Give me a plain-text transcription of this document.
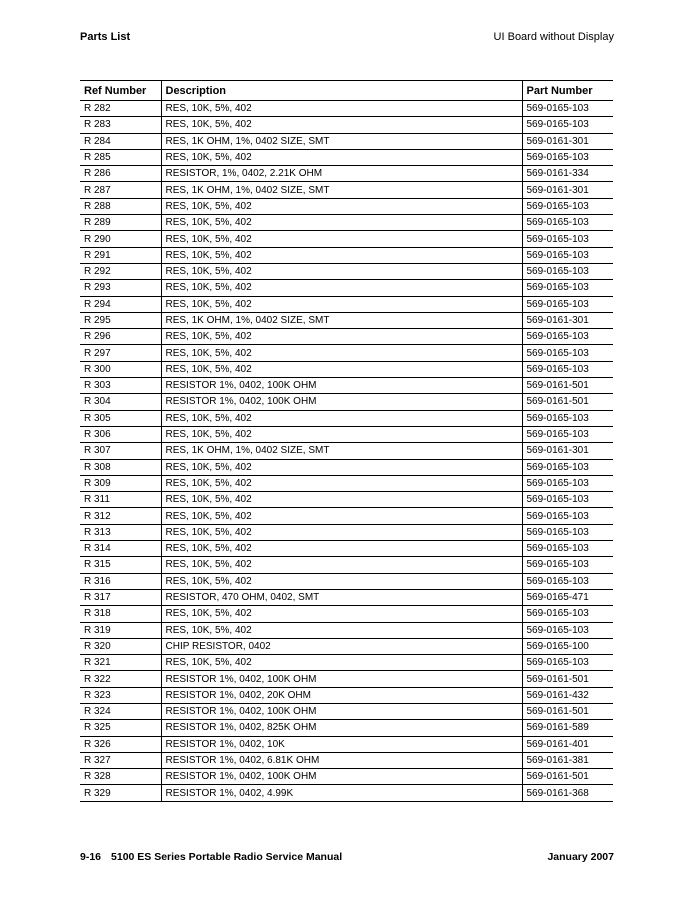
Parts List	UI Board without Display
Ref Number	Description	Part Number
R 282	RES, 10K, 5%, 402	569-0165-103
R 283	RES, 10K, 5%, 402	569-0165-103
R 284	RES, 1K OHM, 1%, 0402 SIZE, SMT	569-0161-301
R 285	RES, 10K, 5%, 402	569-0165-103
R 286	RESISTOR, 1%, 0402, 2.21K OHM	569-0161-334
R 287	RES, 1K OHM, 1%, 0402 SIZE, SMT	569-0161-301
R 288	RES, 10K, 5%, 402	569-0165-103
R 289	RES, 10K, 5%, 402	569-0165-103
R 290	RES, 10K, 5%, 402	569-0165-103
R 291	RES, 10K, 5%, 402	569-0165-103
R 292	RES, 10K, 5%, 402	569-0165-103
R 293	RES, 10K, 5%, 402	569-0165-103
R 294	RES, 10K, 5%, 402	569-0165-103
R 295	RES, 1K OHM, 1%, 0402 SIZE, SMT	569-0161-301
R 296	RES, 10K, 5%, 402	569-0165-103
R 297	RES, 10K, 5%, 402	569-0165-103
R 300	RES, 10K, 5%, 402	569-0165-103
R 303	RESISTOR 1%, 0402, 100K OHM	569-0161-501
R 304	RESISTOR 1%, 0402, 100K OHM	569-0161-501
R 305	RES, 10K, 5%, 402	569-0165-103
R 306	RES, 10K, 5%, 402	569-0165-103
R 307	RES, 1K OHM, 1%, 0402 SIZE, SMT	569-0161-301
R 308	RES, 10K, 5%, 402	569-0165-103
R 309	RES, 10K, 5%, 402	569-0165-103
R 311	RES, 10K, 5%, 402	569-0165-103
R 312	RES, 10K, 5%, 402	569-0165-103
R 313	RES, 10K, 5%, 402	569-0165-103
R 314	RES, 10K, 5%, 402	569-0165-103
R 315	RES, 10K, 5%, 402	569-0165-103
R 316	RES, 10K, 5%, 402	569-0165-103
R 317	RESISTOR, 470 OHM, 0402, SMT	569-0165-471
R 318	RES, 10K, 5%, 402	569-0165-103
R 319	RES, 10K, 5%, 402	569-0165-103
R 320	CHIP RESISTOR, 0402	569-0165-100
R 321	RES, 10K, 5%, 402	569-0165-103
R 322	RESISTOR 1%, 0402, 100K OHM	569-0161-501
R 323	RESISTOR 1%, 0402, 20K OHM	569-0161-432
R 324	RESISTOR 1%, 0402, 100K OHM	569-0161-501
R 325	RESISTOR 1%, 0402, 825K OHM	569-0161-589
R 326	RESISTOR 1%, 0402, 10K	569-0161-401
R 327	RESISTOR 1%, 0402, 6.81K OHM	569-0161-381
R 328	RESISTOR 1%, 0402, 100K OHM	569-0161-501
R 329	RESISTOR 1%, 0402, 4.99K	569-0161-368
9-16 5100 ES Series Portable Radio Service Manual	January 2007
